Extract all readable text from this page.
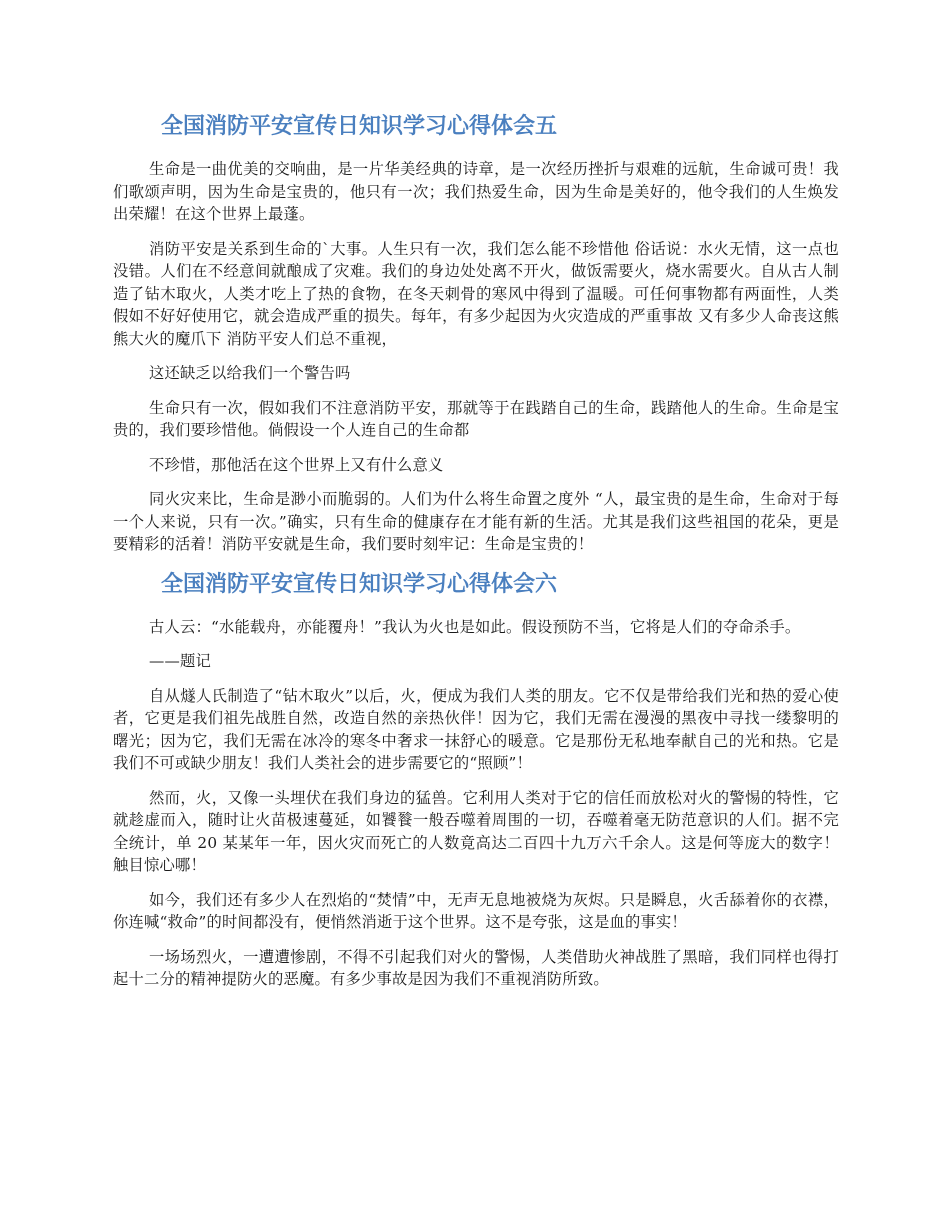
全国消防平安宣传日知识学习心得体会五

生命是一曲优美的交响曲，是一片华美经典的诗章，是一次经历挫折与艰难的远航，生命诚可贵！我们歌颂声明，因为生命是宝贵的，他只有一次；我们热爱生命，因为生命是美好的，他令我们的人生焕发出荣耀！在这个世界上最蓬。

消防平安是关系到生命的`大事。人生只有一次，我们怎么能不珍惜他 俗话说：水火无情，这一点也没错。人们在不经意间就酿成了灾难。我们的身边处处离不开火，做饭需要火，烧水需要火。自从古人制造了钻木取火，人类才吃上了热的食物，在冬天刺骨的寒风中得到了温暖。可任何事物都有两面性，人类假如不好好使用它，就会造成严重的损失。每年，有多少起因为火灾造成的严重事故 又有多少人命丧这熊熊大火的魔爪下 消防平安人们总不重视，

这还缺乏以给我们一个警告吗

生命只有一次，假如我们不注意消防平安，那就等于在践踏自己的生命，践踏他人的生命。生命是宝贵的，我们要珍惜他。倘假设一个人连自己的生命都

不珍惜，那他活在这个世界上又有什么意义

同火灾来比，生命是渺小而脆弱的。人们为什么将生命置之度外 “人，最宝贵的是生命，生命对于每一个人来说，只有一次。”确实，只有生命的健康存在才能有新的生活。尤其是我们这些祖国的花朵，更是要精彩的活着！消防平安就是生命，我们要时刻牢记：生命是宝贵的！

全国消防平安宣传日知识学习心得体会六

古人云：“水能载舟，亦能覆舟！”我认为火也是如此。假设预防不当，它将是人们的夺命杀手。

——题记

自从燧人氏制造了“钻木取火”以后，火，便成为我们人类的朋友。它不仅是带给我们光和热的爱心使者，它更是我们祖先战胜自然，改造自然的亲热伙伴！因为它，我们无需在漫漫的黑夜中寻找一缕黎明的曙光；因为它，我们无需在冰冷的寒冬中奢求一抹舒心的暖意。它是那份无私地奉献自己的光和热。它是我们不可或缺少朋友！我们人类社会的进步需要它的“照顾”！

然而，火，又像一头埋伏在我们身边的猛兽。它利用人类对于它的信任而放松对火的警惕的特性，它就趁虚而入，随时让火苗极速蔓延，如饕餮一般吞噬着周围的一切，吞噬着毫无防范意识的人们。据不完全统计，单 20 某某年一年，因火灾而死亡的人数竟高达二百四十九万六千余人。这是何等庞大的数字！触目惊心哪！

如今，我们还有多少人在烈焰的“焚情”中，无声无息地被烧为灰烬。只是瞬息，火舌舔着你的衣襟，你连喊“救命”的时间都没有，便悄然消逝于这个世界。这不是夸张，这是血的事实！

一场场烈火，一遭遭惨剧，不得不引起我们对火的警惕，人类借助火神战胜了黑暗，我们同样也得打起十二分的精神提防火的恶魔。有多少事故是因为我们不重视消防所致。
